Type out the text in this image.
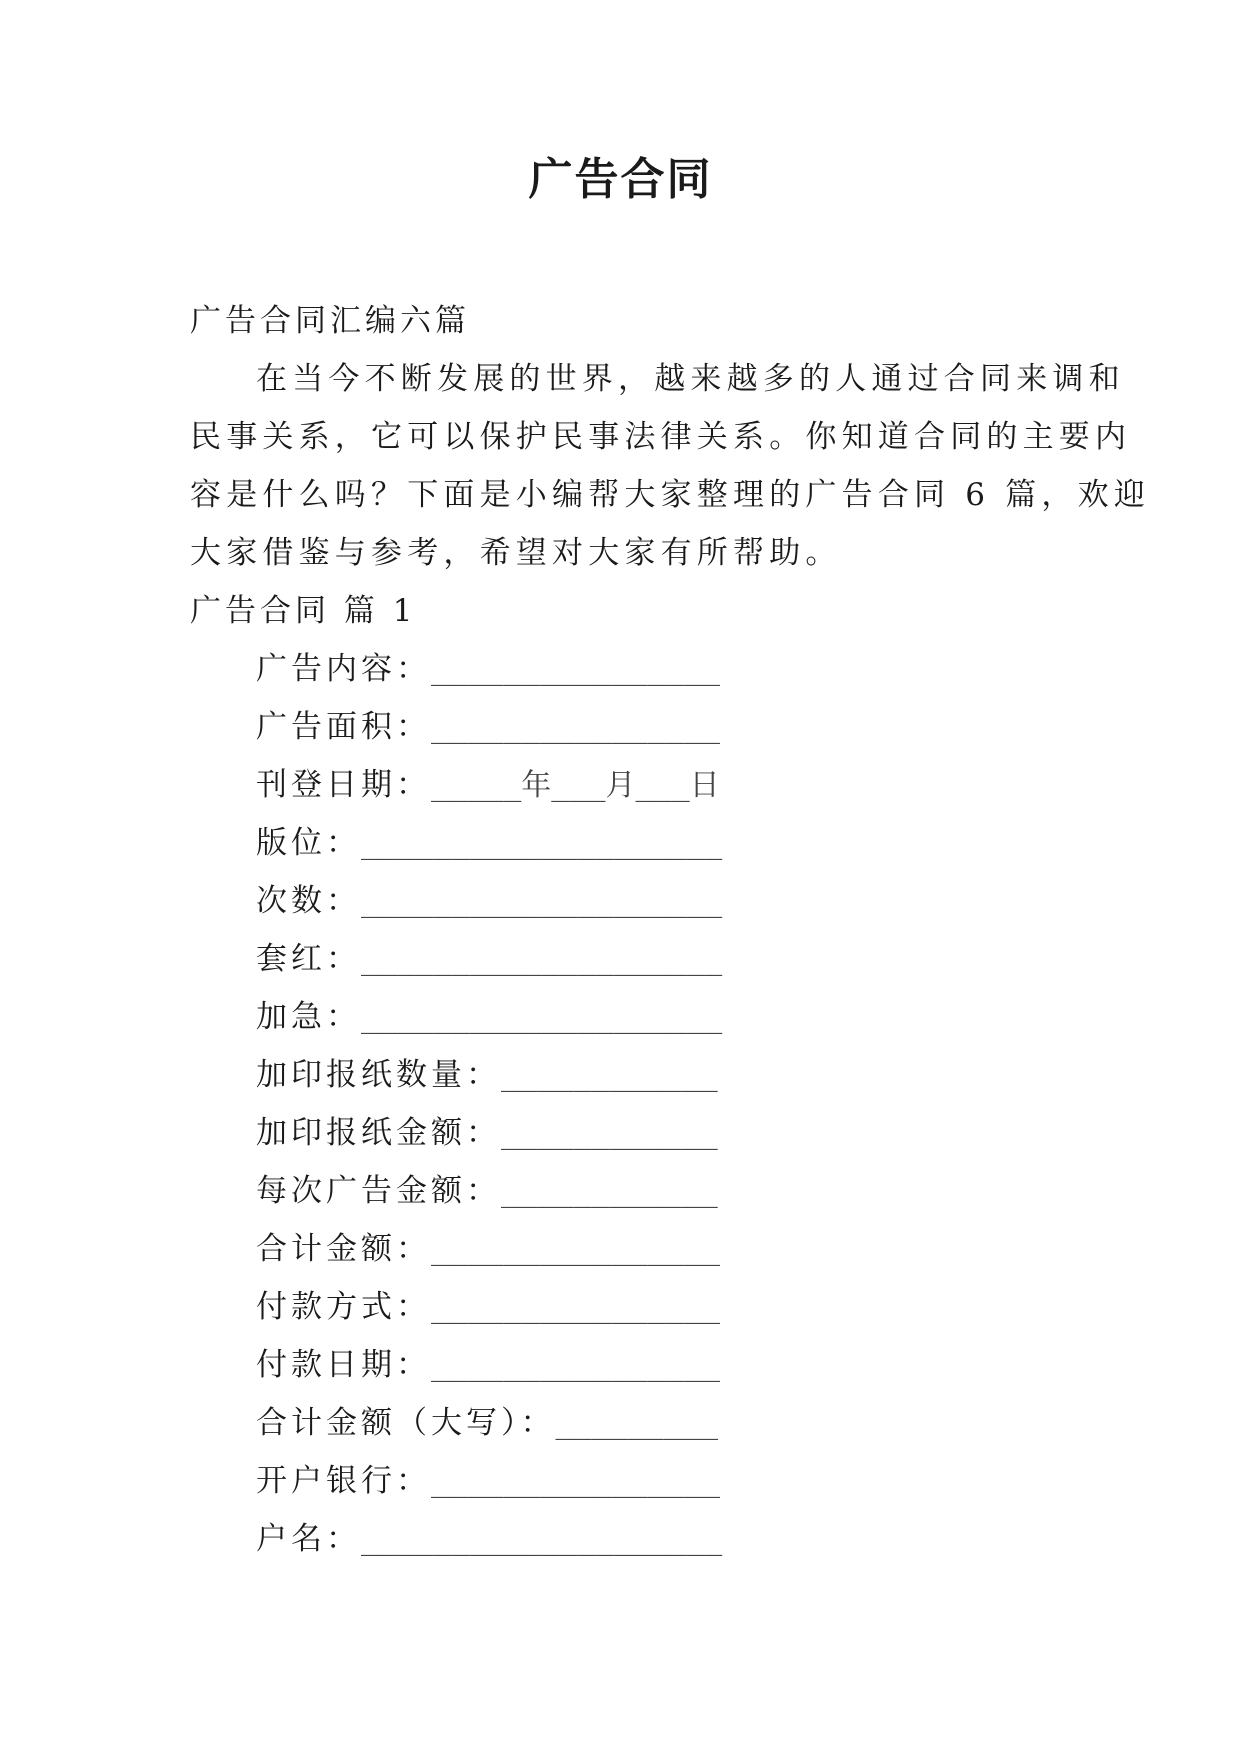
广告合同
广告合同汇编六篇
在当今不断发展的世界，越来越多的人通过合同来调和
民事关系，它可以保护民事法律关系。你知道合同的主要内
容是什么吗？下面是小编帮大家整理的广告合同 6 篇，欢迎
大家借鉴与参考，希望对大家有所帮助。
广告合同 篇 1
广告内容：________________
广告面积：________________
刊登日期：_____年___月___日
版位：____________________
次数：____________________
套红：____________________
加急：____________________
加印报纸数量：____________
加印报纸金额：____________
每次广告金额：____________
合计金额：________________
付款方式：________________
付款日期：________________
合计金额（大写）：_________
开户银行：________________
户名：____________________
